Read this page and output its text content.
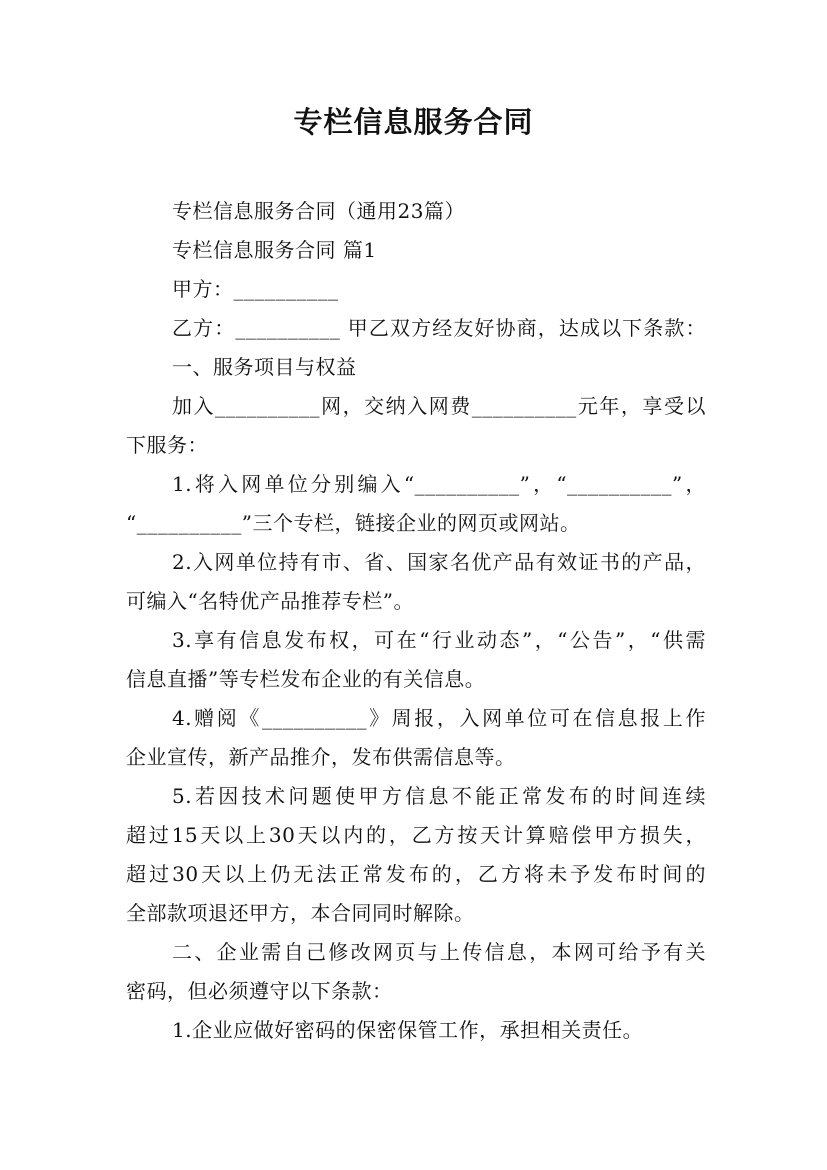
专栏信息服务合同
专栏信息服务合同（通用23篇）
专栏信息服务合同 篇1
甲方：__________
乙方：__________ 甲乙双方经友好协商，达成以下条款：
一、服务项目与权益
加入__________网，交纳入网费__________元年，享受以
下服务：
1.将入网单位分别编入“__________”，“__________”，
“__________”三个专栏，链接企业的网页或网站。
2.入网单位持有市、省、国家名优产品有效证书的产品，
可编入“名特优产品推荐专栏”。
3.享有信息发布权，可在“行业动态”，“公告”，“供需
信息直播”等专栏发布企业的有关信息。
4.赠阅《__________》周报，入网单位可在信息报上作
企业宣传，新产品推介，发布供需信息等。
5.若因技术问题使甲方信息不能正常发布的时间连续
超过15天以上30天以内的，乙方按天计算赔偿甲方损失，
超过30天以上仍无法正常发布的，乙方将未予发布时间的
全部款项退还甲方，本合同同时解除。
二、企业需自己修改网页与上传信息，本网可给予有关
密码，但必须遵守以下条款：
1.企业应做好密码的保密保管工作，承担相关责任。
